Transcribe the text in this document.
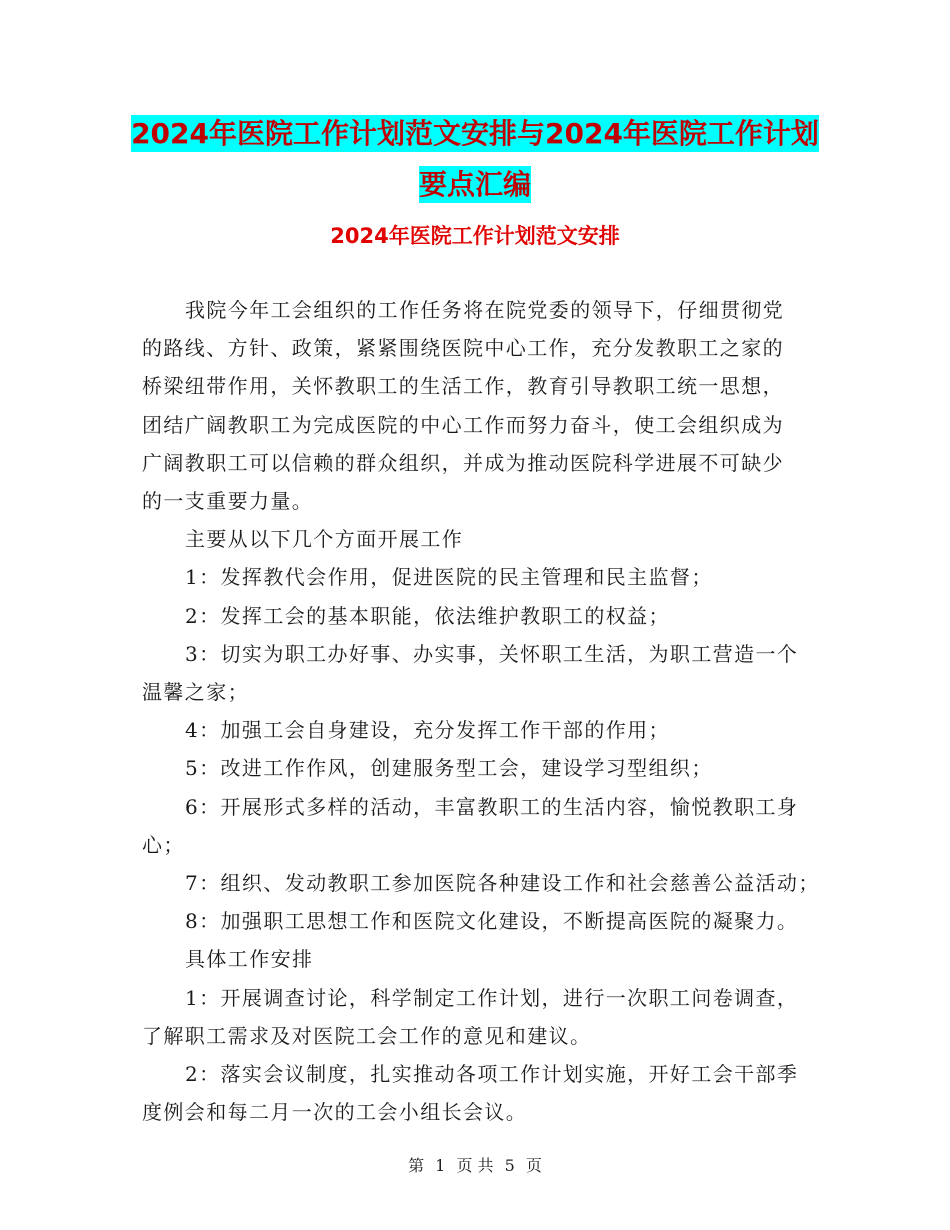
2024年医院工作计划范文安排与2024年医院工作计划
要点汇编
2024年医院工作计划范文安排
我院今年工会组织的工作任务将在院党委的领导下，仔细贯彻党
的路线、方针、政策，紧紧围绕医院中心工作，充分发教职工之家的
桥梁纽带作用，关怀教职工的生活工作，教育引导教职工统一思想，
团结广阔教职工为完成医院的中心工作而努力奋斗，使工会组织成为
广阔教职工可以信赖的群众组织，并成为推动医院科学进展不可缺少
的一支重要力量。
主要从以下几个方面开展工作
1：发挥教代会作用，促进医院的民主管理和民主监督；
2：发挥工会的基本职能，依法维护教职工的权益；
3：切实为职工办好事、办实事，关怀职工生活，为职工营造一个
温馨之家；
4：加强工会自身建设，充分发挥工作干部的作用；
5：改进工作作风，创建服务型工会，建设学习型组织；
6：开展形式多样的活动，丰富教职工的生活内容，愉悦教职工身
心；
7：组织、发动教职工参加医院各种建设工作和社会慈善公益活动；
8：加强职工思想工作和医院文化建设，不断提高医院的凝聚力。
具体工作安排
1：开展调查讨论，科学制定工作计划，进行一次职工问卷调查，
了解职工需求及对医院工会工作的意见和建议。
2：落实会议制度，扎实推动各项工作计划实施，开好工会干部季
度例会和每二月一次的工会小组长会议。
第 1 页 共 5 页
